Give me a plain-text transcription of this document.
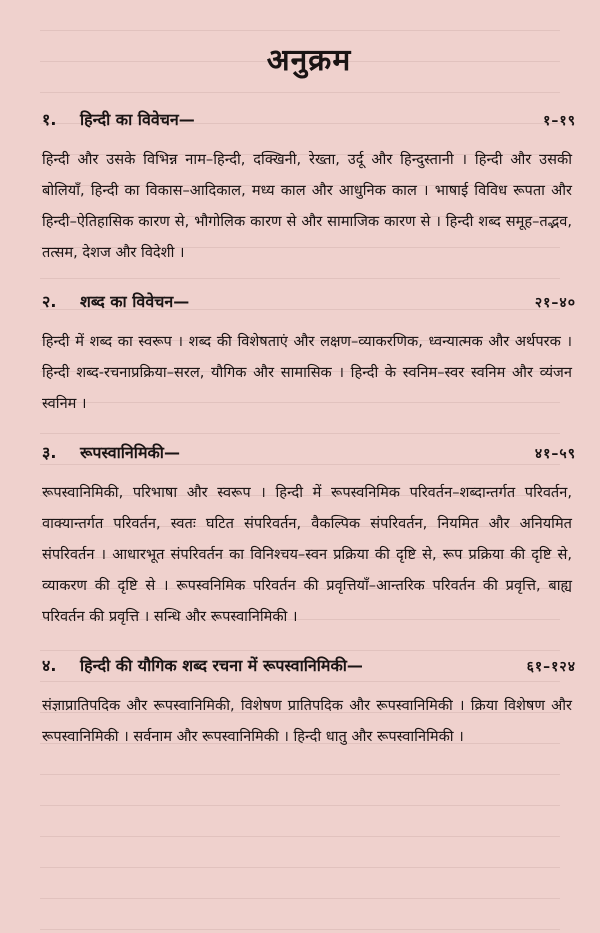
अनुक्रम
१.	हिन्दी का विवेचन—	१–१९
हिन्दी और उसके विभिन्न नाम–हिन्दी, दक्खिनी, रेख्ता, उर्दू और हिन्दुस्तानी । हिन्दी और उसकी बोलियाँ, हिन्दी का विकास–आदिकाल, मध्य काल और आधुनिक काल । भाषाई विविध रूपता और हिन्दी–ऐतिहासिक कारण से, भौगोलिक कारण से और सामाजिक कारण से । हिन्दी शब्द समूह–तद्भव, तत्सम, देशज और विदेशी ।
२.	शब्द का विवेचन—	२१–४०
हिन्दी में शब्द का स्वरूप । शब्द की विशेषताएं और लक्षण–व्याकरणिक, ध्वन्यात्मक और अर्थपरक । हिन्दी शब्द-रचनाप्रक्रिया–सरल, यौगिक और सामासिक । हिन्दी के स्वनिम–स्वर स्वनिम और व्यंजन स्वनिम ।
३.	रूपस्वानिमिकी—	४१–५९
रूपस्वानिमिकी, परिभाषा और स्वरूप । हिन्दी में रूपस्वनिमिक परिवर्तन–शब्दान्तर्गत परिवर्तन, वाक्यान्तर्गत परिवर्तन, स्वतः घटित संपरिवर्तन, वैकल्पिक संपरिवर्तन, नियमित और अनियमित संपरिवर्तन । आधारभूत संपरिवर्तन का विनिश्चय–स्वन प्रक्रिया की दृष्टि से, रूप प्रक्रिया की दृष्टि से, व्याकरण की दृष्टि से । रूपस्वनिमिक परिवर्तन की प्रवृत्तियाँ–आन्तरिक परिवर्तन की प्रवृत्ति, बाह्य परिवर्तन की प्रवृत्ति । सन्धि और रूपस्वानिमिकी ।
४.	हिन्दी की यौगिक शब्द रचना में रूपस्वानिमिकी—	६१–१२४
संज्ञाप्रातिपदिक और रूपस्वानिमिकी, विशेषण प्रातिपदिक और रूपस्वानिमिकी । क्रिया विशेषण और रूपस्वानिमिकी । सर्वनाम और रूपस्वानिमिकी । हिन्दी धातु और रूपस्वानिमिकी ।
